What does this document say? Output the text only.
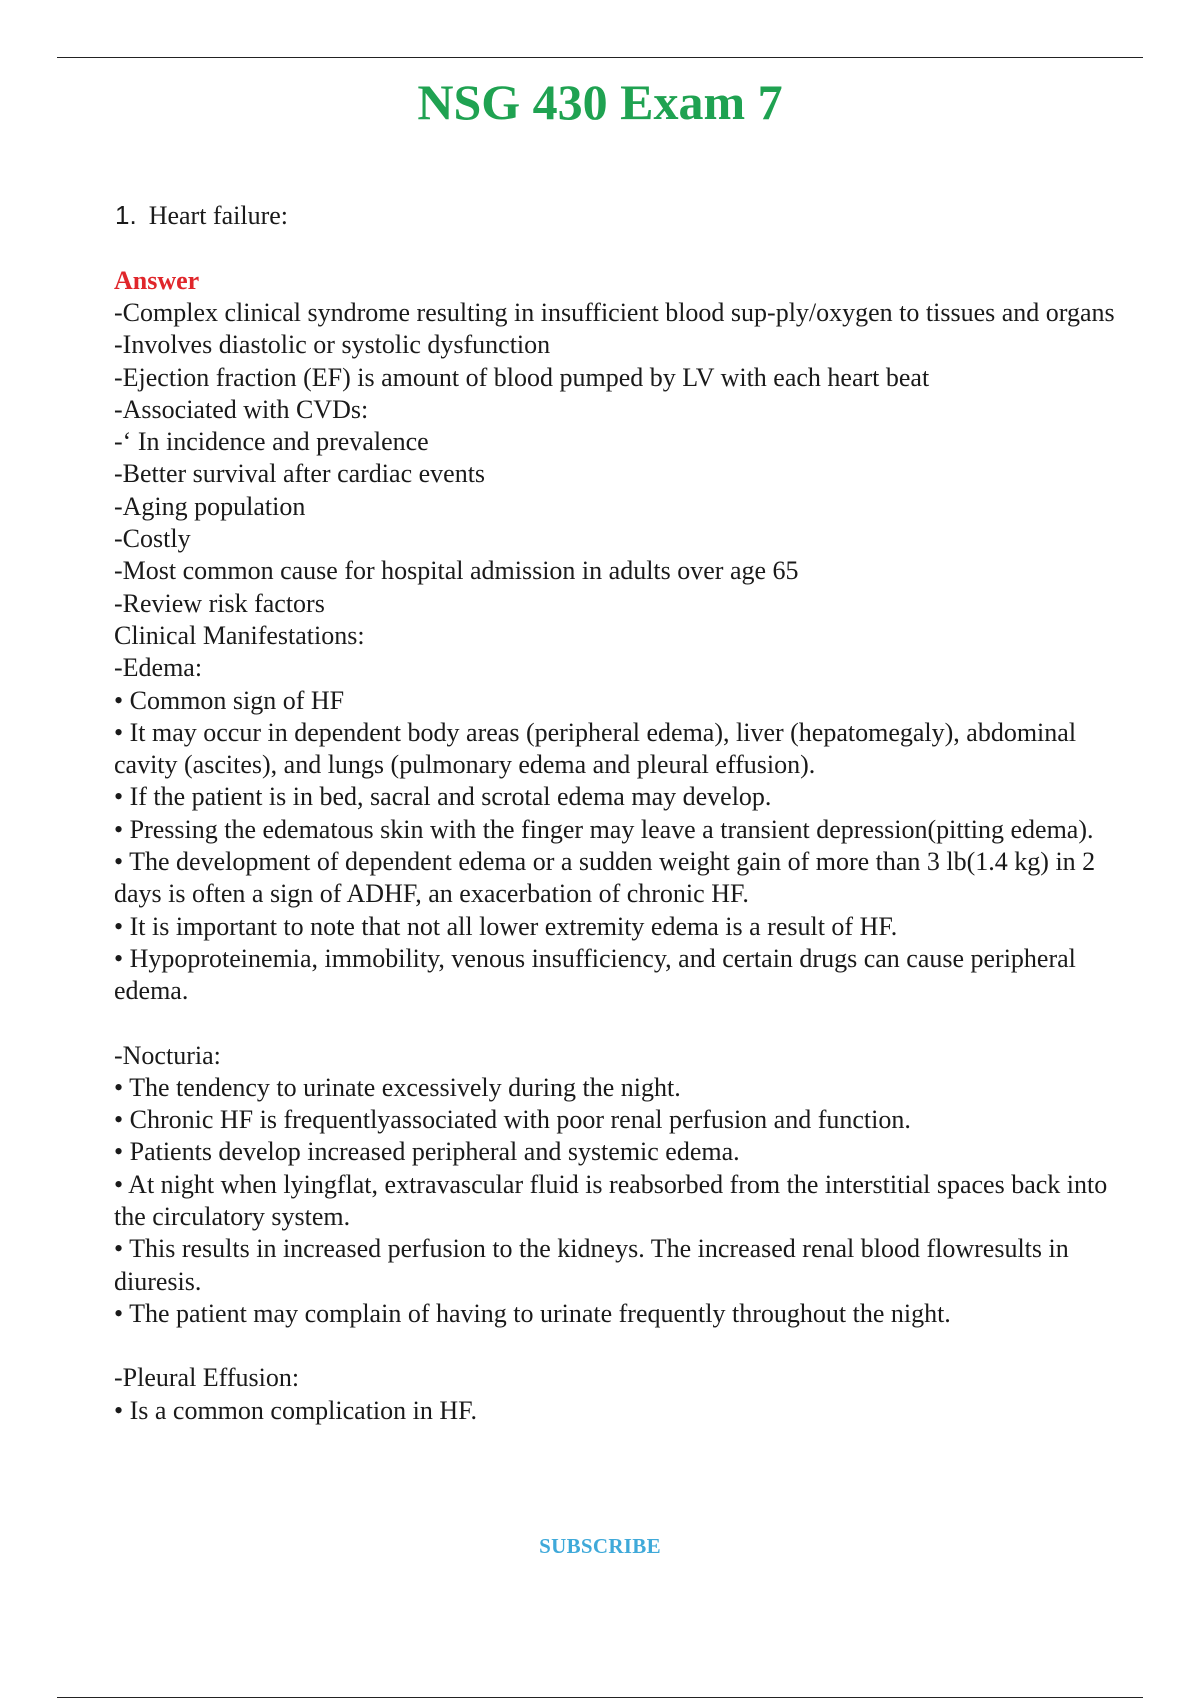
NSG 430 Exam 7
1. Heart failure:
Answer
-Complex clinical syndrome resulting in insufficient blood sup-ply/oxygen to tissues and organs
-Involves diastolic or systolic dysfunction
-Ejection fraction (EF) is amount of blood pumped by LV with each heart beat
-Associated with CVDs:
-‘ In incidence and prevalence
-Better survival after cardiac events
-Aging population
-Costly
-Most common cause for hospital admission in adults over age 65
-Review risk factors
Clinical Manifestations:
-Edema:
• Common sign of HF
• It may occur in dependent body areas (peripheral edema), liver (hepatomegaly), abdominal cavity (ascites), and lungs (pulmonary edema and pleural effusion).
• If the patient is in bed, sacral and scrotal edema may develop.
• Pressing the edematous skin with the finger may leave a transient depression(pitting edema).
• The development of dependent edema or a sudden weight gain of more than 3 lb(1.4 kg) in 2 days is often a sign of ADHF, an exacerbation of chronic HF.
• It is important to note that not all lower extremity edema is a result of HF.
• Hypoproteinemia, immobility, venous insufficiency, and certain drugs can cause peripheral edema.
-Nocturia:
• The tendency to urinate excessively during the night.
• Chronic HF is frequentlyassociated with poor renal perfusion and function.
• Patients develop increased peripheral and systemic edema.
• At night when lyingflat, extravascular fluid is reabsorbed from the interstitial spaces back into the circulatory system.
• This results in increased perfusion to the kidneys. The increased renal blood flowresults in diuresis.
• The patient may complain of having to urinate frequently throughout the night.
-Pleural Effusion:
• Is a common complication in HF.
SUBSCRIBE
